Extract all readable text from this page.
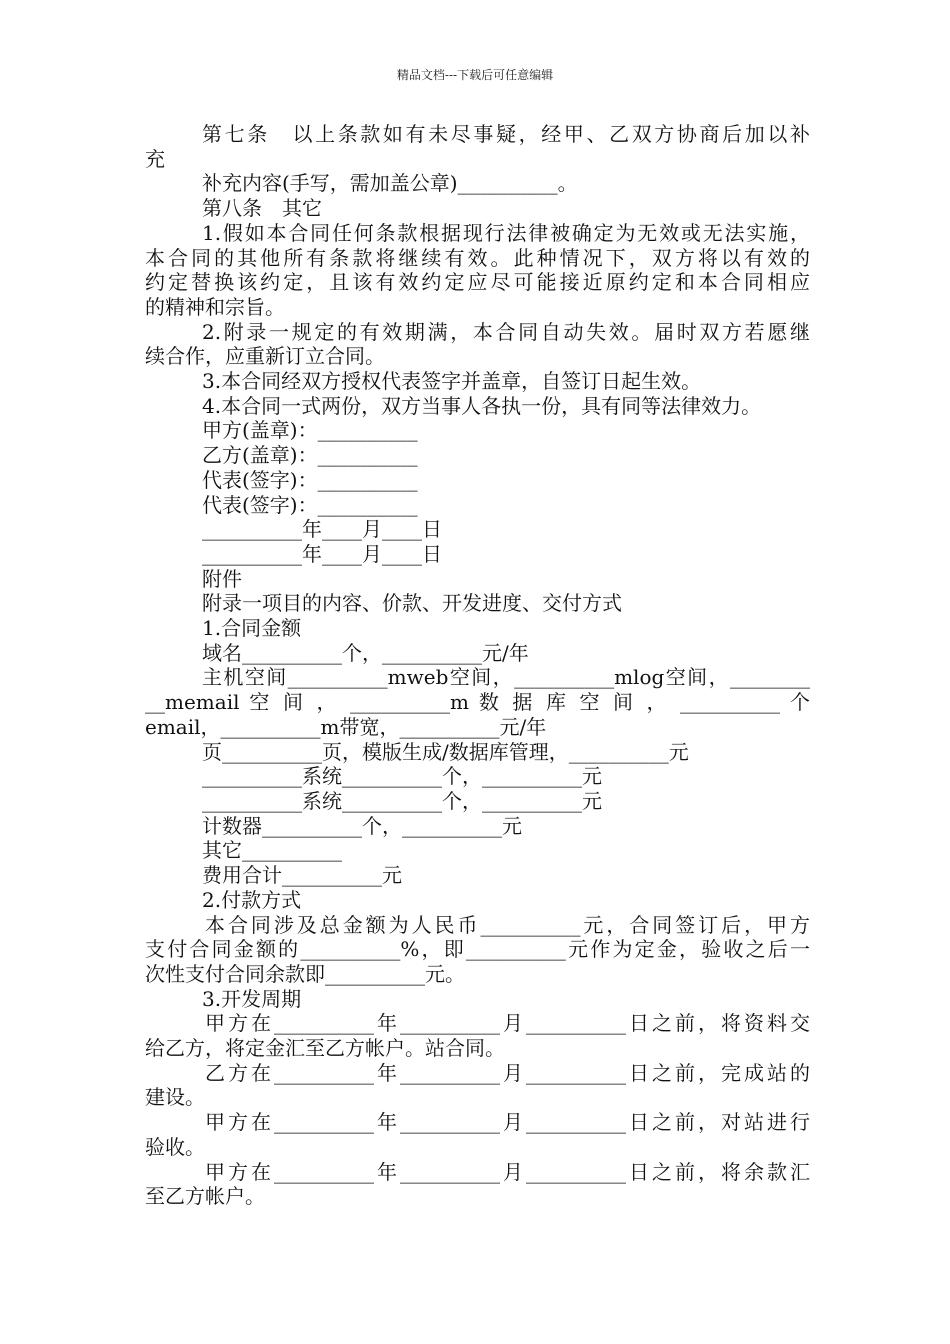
精品文档---下载后可任意编辑
第七条　以上条款如有未尽事疑，经甲、乙双方协商后加以补
充
补充内容(手写，需加盖公章)__________。
第八条　其它
1.假如本合同任何条款根据现行法律被确定为无效或无法实施，
本合同的其他所有条款将继续有效。此种情况下，双方将以有效的
约定替换该约定，且该有效约定应尽可能接近原约定和本合同相应
的精神和宗旨。
2.附录一规定的有效期满，本合同自动失效。届时双方若愿继
续合作，应重新订立合同。
3.本合同经双方授权代表签字并盖章，自签订日起生效。
4.本合同一式两份，双方当事人各执一份，具有同等法律效力。
甲方(盖章)：__________
乙方(盖章)：__________
代表(签字)：__________
代表(签字)：__________
__________年____月____日
__________年____月____日
附件
附录一项目的内容、价款、开发进度、交付方式
1.合同金额
域名__________个，__________元/年
主机空间__________mweb空间，__________mlog空间，________
__memail 空 间 ， __________m 数 据 库 空 间 ， __________ 个
email，__________m带宽，__________元/年
页__________页，模版生成/数据库管理，__________元
__________系统__________个，__________元
__________系统__________个，__________元
计数器__________个，__________元
其它__________
费用合计__________元
2.付款方式
本合同涉及总金额为人民币__________元，合同签订后，甲方
支付合同金额的__________%，即__________元作为定金，验收之后一
次性支付合同余款即__________元。
3.开发周期
甲方在__________年__________月__________日之前，将资料交
给乙方，将定金汇至乙方帐户。站合同。
乙方在__________年__________月__________日之前，完成站的
建设。
甲方在__________年__________月__________日之前，对站进行
验收。
甲方在__________年__________月__________日之前，将余款汇
至乙方帐户。
